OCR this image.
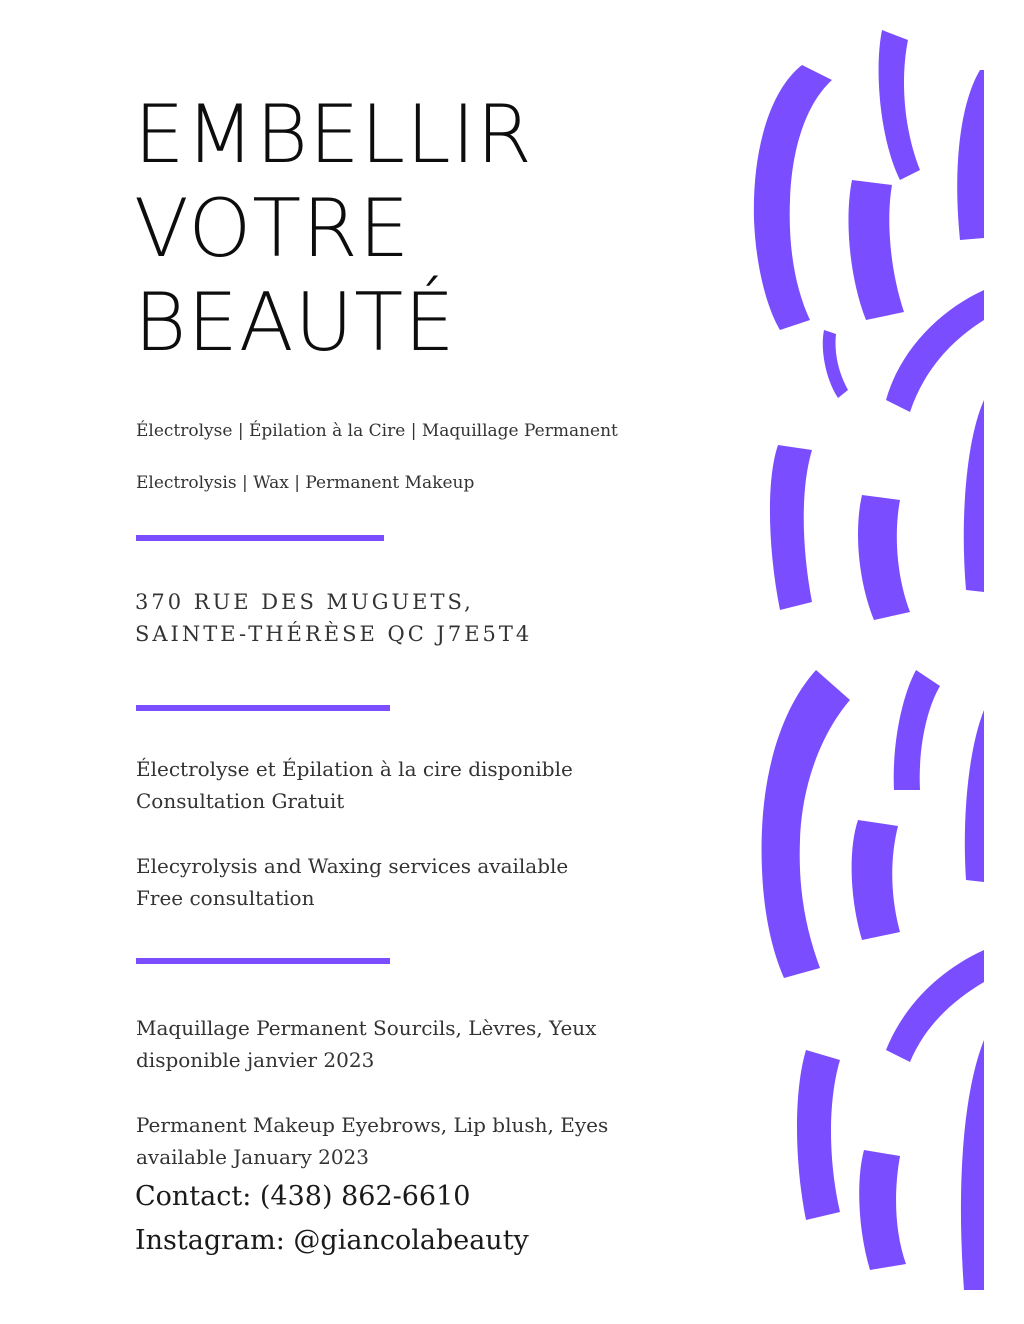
EMBELLIR
VOTRE
BEAUTÉ

Électrolyse | Épilation à la Cire | Maquillage Permanent

Electrolysis | Wax | Permanent Makeup

370 RUE DES MUGUETS,
SAINTE-THÉRÈSE QC J7E5T4

Électrolyse et Épilation à la cire disponible
Consultation Gratuit

Elecyrolysis and Waxing services available
Free consultation

Maquillage Permanent Sourcils, Lèvres, Yeux
disponible janvier 2023

Permanent Makeup Eyebrows, Lip blush, Eyes
available January 2023

Contact: (438) 862-6610
Instagram: @giancolabeauty
